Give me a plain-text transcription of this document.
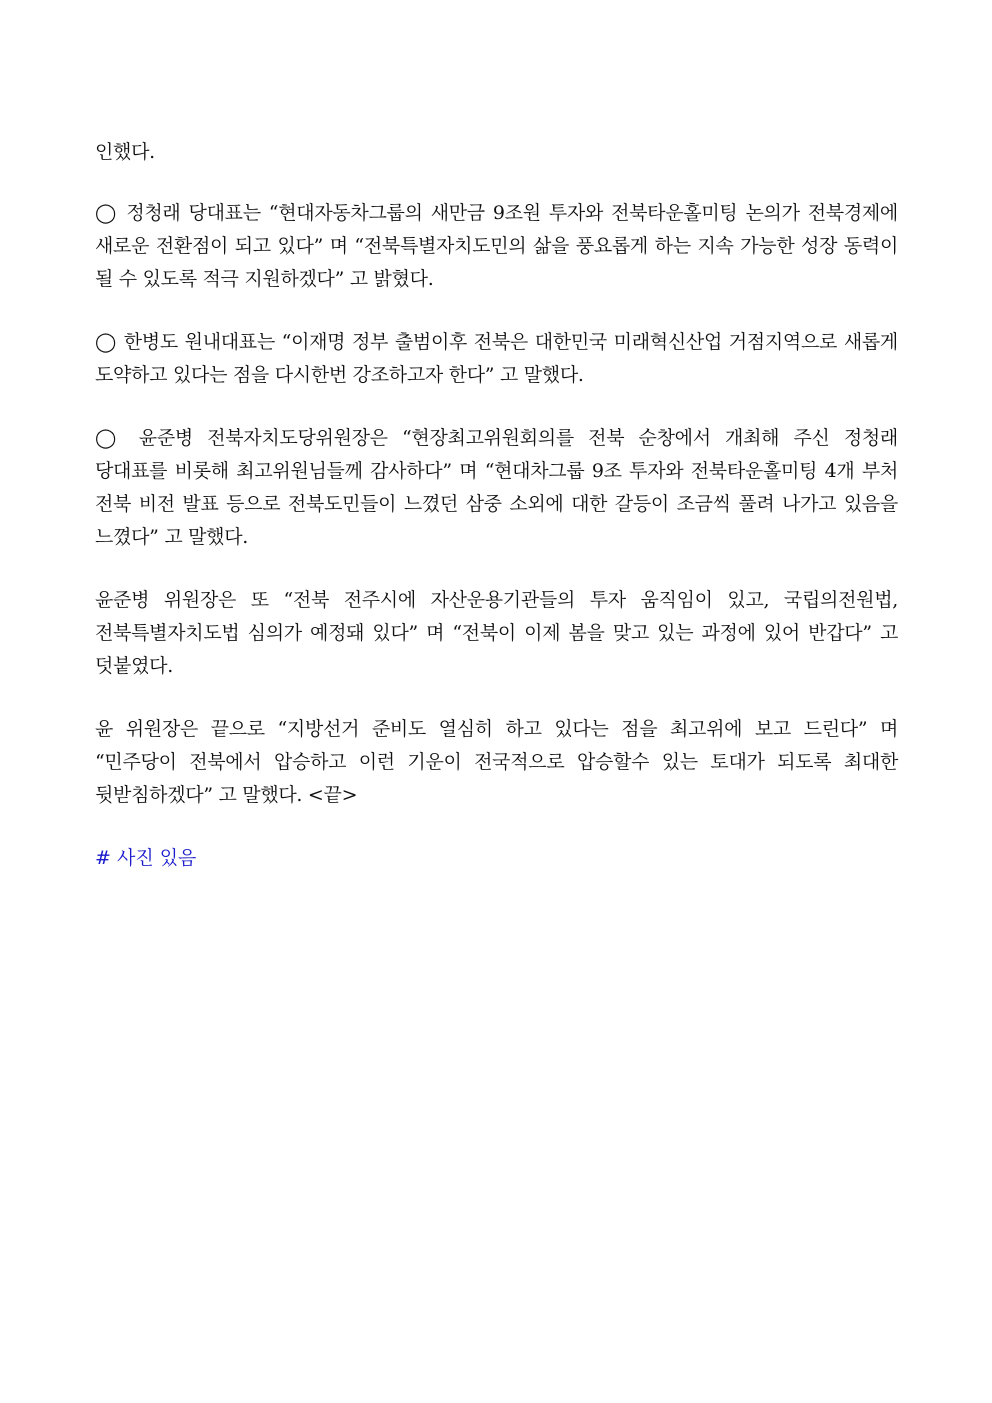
인했다.

◯ 정청래 당대표는 “현대자동차그룹의 새만금 9조원 투자와 전북타운홀미팅 논의가 전북경제에 새로운 전환점이 되고 있다” 며 “전북특별자치도민의 삶을 풍요롭게 하는 지속 가능한 성장 동력이 될 수 있도록 적극 지원하겠다” 고 밝혔다.

◯ 한병도 원내대표는 “이재명 정부 출범이후 전북은 대한민국 미래혁신산업 거점지역으로 새롭게 도약하고 있다는 점을 다시한번 강조하고자 한다” 고 말했다.

◯ 윤준병 전북자치도당위원장은 “현장최고위원회의를 전북 순창에서 개최해 주신 정청래 당대표를 비롯해 최고위원님들께 감사하다” 며 “현대차그룹 9조 투자와 전북타운홀미팅 4개 부처 전북 비전 발표 등으로 전북도민들이 느꼈던 삼중 소외에 대한 갈등이 조금씩 풀려 나가고 있음을 느꼈다” 고 말했다.

윤준병 위원장은 또 “전북 전주시에 자산운용기관들의 투자 움직임이 있고, 국립의전원법, 전북특별자치도법 심의가 예정돼 있다” 며 “전북이 이제 봄을 맞고 있는 과정에 있어 반갑다” 고 덧붙였다.

윤 위원장은 끝으로 “지방선거 준비도 열심히 하고 있다는 점을 최고위에 보고 드린다” 며 “민주당이 전북에서 압승하고 이런 기운이 전국적으로 압승할수 있는 토대가 되도록 최대한 뒷받침하겠다” 고 말했다. <끝>

# 사진 있음
